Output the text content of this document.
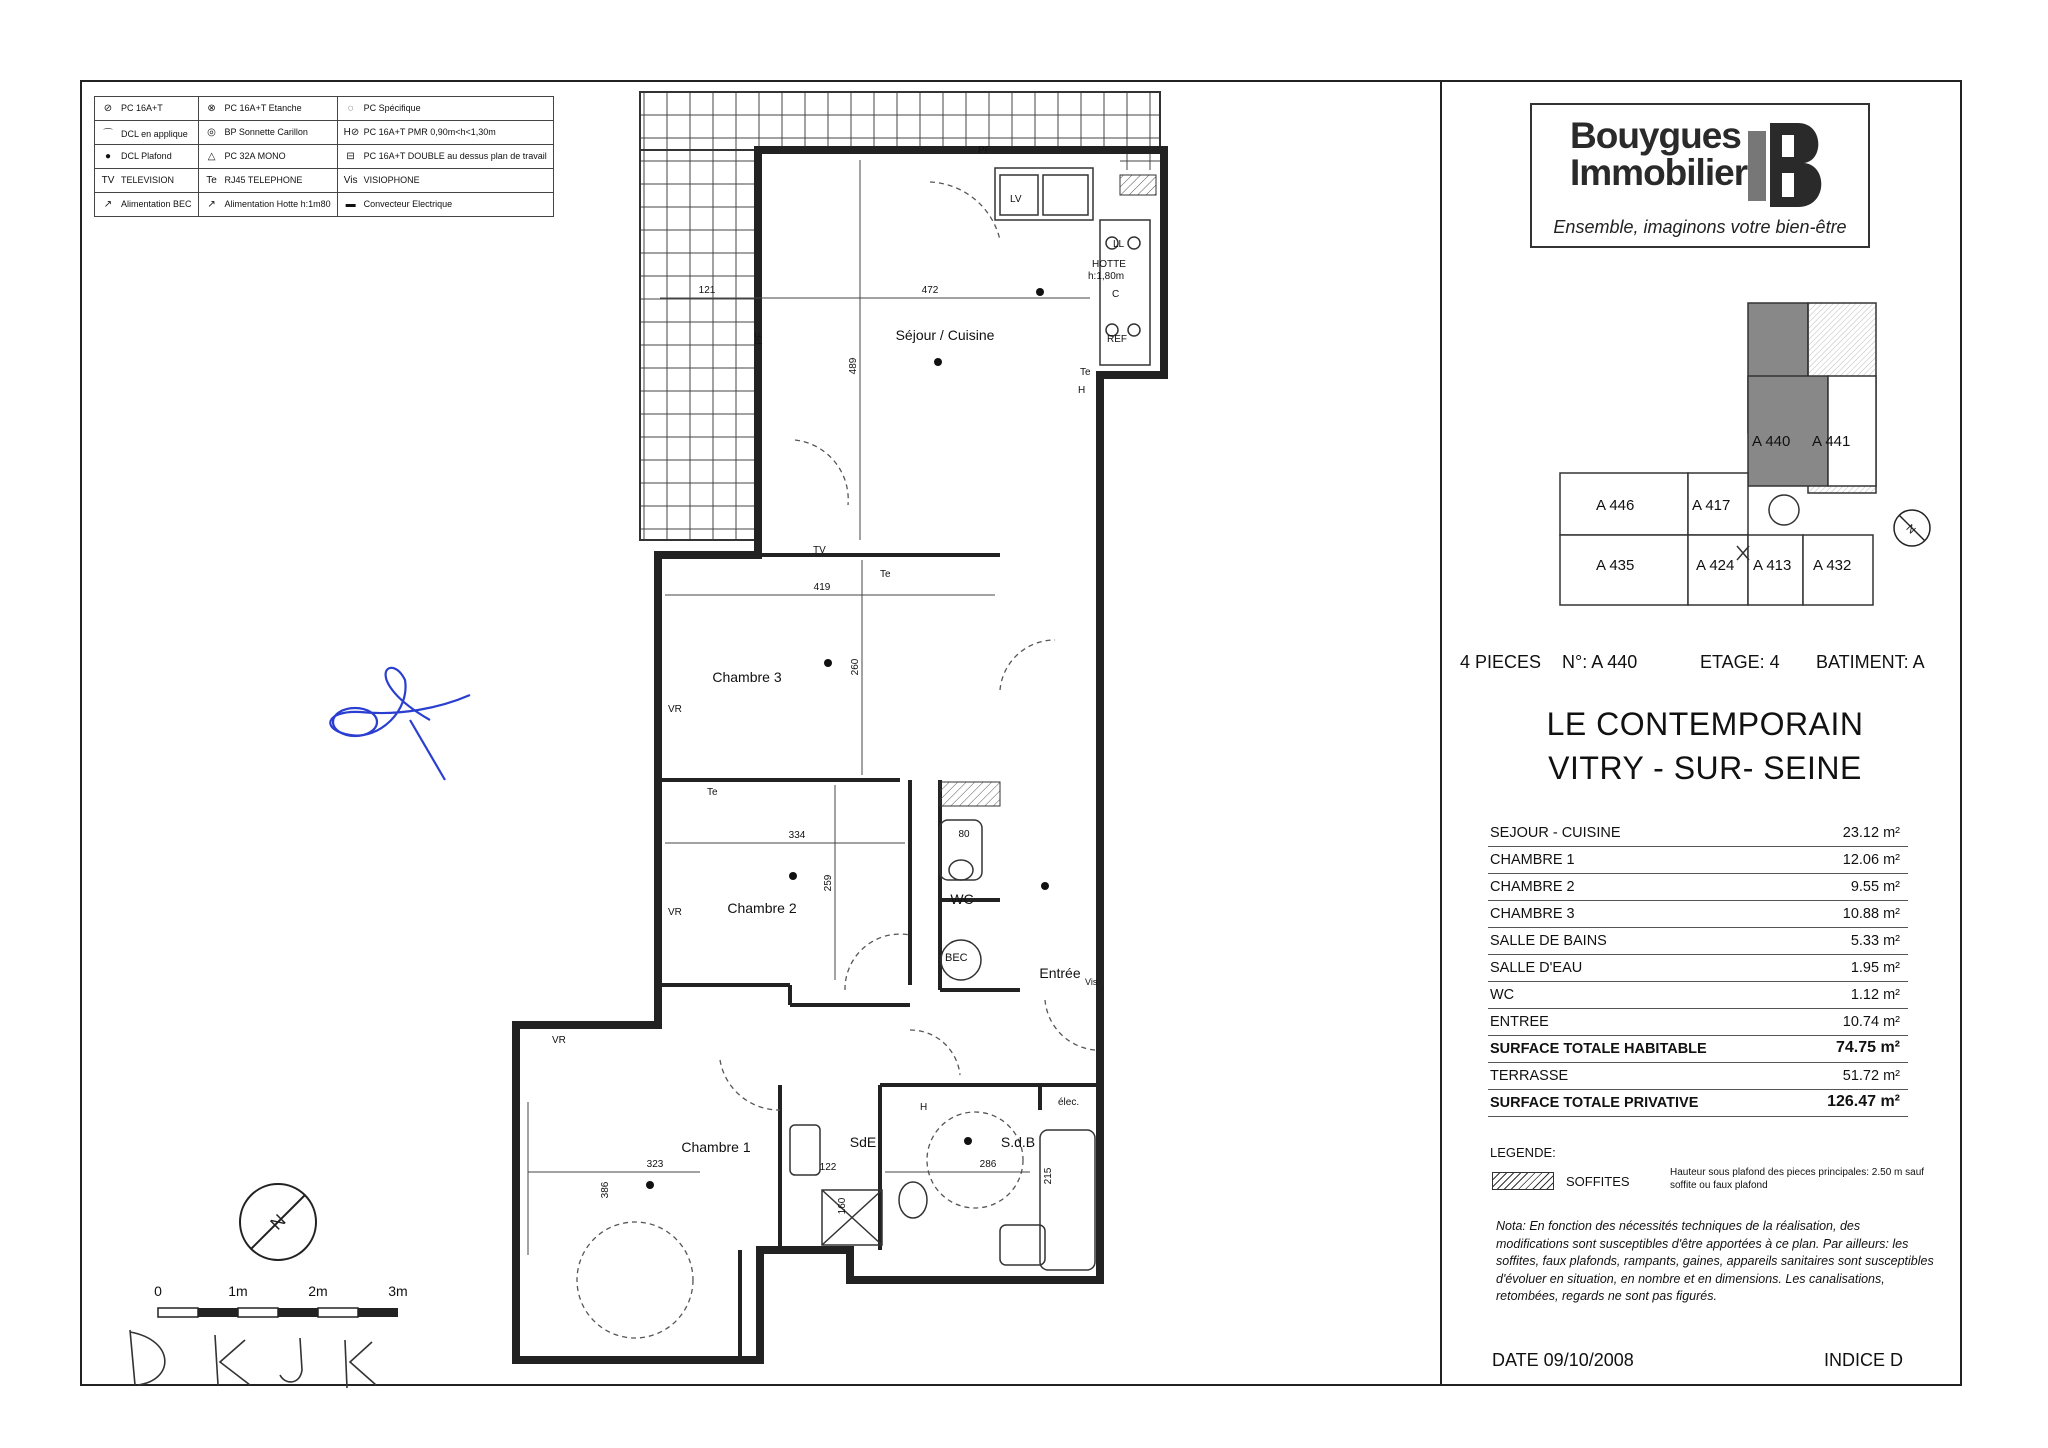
⊘ PC 16A+T	⊗ PC 16A+T Etanche	◌ PC Spécifique
⌒ DCL en applique	◎ BP Sonnette Carillon	H⊘ PC 16A+T PMR 0,90m<h<1,30m
● DCL Plafond	△ PC 32A MONO	⊟ PC 16A+T DOUBLE au dessus plan de travail
TV TELEVISION	Te RJ45 TELEPHONE	Vis VISIOPHONE
↗ Alimentation BEC	↗ Alimentation Hotte h:1m80	▬ Convecteur Electrique
0	1m	2m	3m
N
Séjour / Cuisine
Chambre 3
Chambre 2
Chambre 1
WC
Entrée
SdE	S.d.B
121	472
489
419
260
334
259
323
386
122
160
286
215
80
PF
PF
LV
LL
HOTTE
h:1,80m
C
REF
TV
Te
Te
Te
VR
VR
VR
BEC
élec.
Vis
H
H
Bouygues
Immobilier
Ensemble, imaginons votre bien-être
A 440 A 441
A 446	A 417
A 435	A 424 A 413 A 432
N
4 PIECES N°: A 440	ETAGE: 4 BATIMENT: A
LE CONTEMPORAIN
VITRY - SUR- SEINE
SEJOUR - CUISINE	23.12 m²
CHAMBRE 1	12.06 m²
CHAMBRE 2	9.55 m²
CHAMBRE 3	10.88 m²
SALLE DE BAINS	5.33 m²
SALLE D'EAU	1.95 m²
WC	1.12 m²
ENTREE	10.74 m²
SURFACE TOTALE HABITABLE	74.75 m²
TERRASSE	51.72 m²
SURFACE TOTALE PRIVATIVE	126.47 m²
LEGENDE:
SOFFITES
Hauteur sous plafond des pieces principales: 2.50 m sauf soffite ou faux plafond
Nota: En fonction des nécessités techniques de la réalisation, des modifications sont susceptibles d'être apportées à ce plan. Par ailleurs: les soffites, faux plafonds, rampants, gaines, appareils sanitaires sont susceptibles d'évoluer en situation, en nombre et en dimensions. Les canalisations, retombées, regards ne sont pas figurés.
DATE 09/10/2008	INDICE D
